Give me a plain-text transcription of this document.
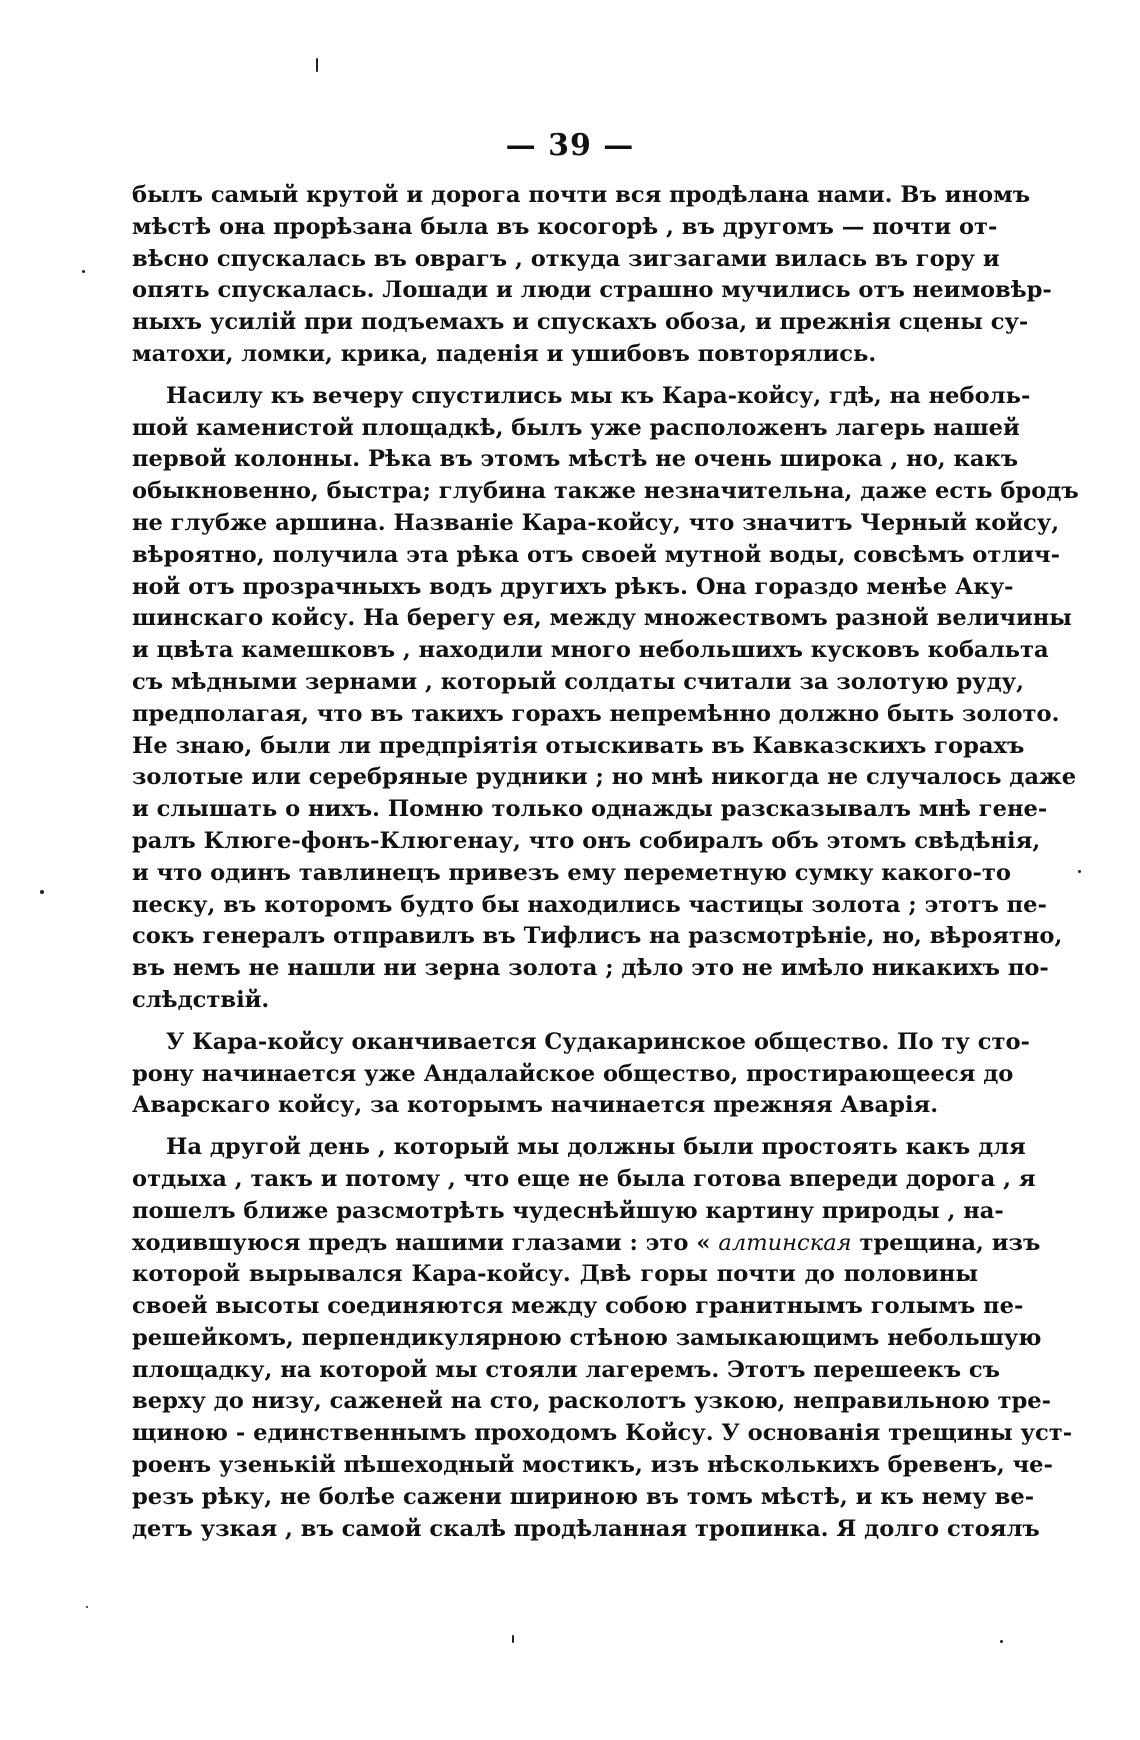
— 39 —
былъ самый крутой и дорога почти вся продѣлана нами. Въ иномъ
мѣстѣ она прорѣзана была въ косогорѣ , въ другомъ — почти от-
вѣсно спускалась въ оврагъ , откуда зигзагами вилась въ гору и
опять спускалась. Лошади и люди страшно мучились отъ неимовѣр-
ныхъ усилій при подъемахъ и спускахъ обоза, и прежнія сцены су-
матохи, ломки, крика, паденія и ушибовъ повторялись.
Насилу къ вечеру спустились мы къ Кара-койсу, гдѣ, на неболь-
шой каменистой площадкѣ, былъ уже расположенъ лагерь нашей
первой колонны. Рѣка въ этомъ мѣстѣ не очень широка , но, какъ
обыкновенно, быстра; глубина также незначительна, даже есть бродъ
не глубже аршина. Названіе Кара-койсу, что значитъ Черный койсу,
вѣроятно, получила эта рѣка отъ своей мутной воды, совсѣмъ отлич-
ной отъ прозрачныхъ водъ другихъ рѣкъ. Она гораздо менѣе Аку-
шинскаго койсу. На берегу ея, между множествомъ разной величины
и цвѣта камешковъ , находили много небольшихъ кусковъ кобальта
съ мѣдными зернами , который солдаты считали за золотую руду,
предполагая, что въ такихъ горахъ непремѣнно должно быть золото.
Не знаю, были ли предпріятія отыскивать въ Кавказскихъ горахъ
золотые или серебряные рудники ; но мнѣ никогда не случалось даже
и слышать о нихъ. Помню только однажды разсказывалъ мнѣ гене-
ралъ Клюге-фонъ-Клюгенау, что онъ собиралъ объ этомъ свѣдѣнія,
и что одинъ тавлинецъ привезъ ему переметную сумку какого-то
песку, въ которомъ будто бы находились частицы золота ; этотъ пе-
сокъ генералъ отправилъ въ Тифлисъ на разсмотрѣніе, но, вѣроятно,
въ немъ не нашли ни зерна золота ; дѣло это не имѣло никакихъ по-
слѣдствій.
У Кара-койсу оканчивается Судакаринское общество. По ту сто-
рону начинается уже Андалайское общество, простирающееся до
Аварскаго койсу, за которымъ начинается прежняя Аварія.
На другой день , который мы должны были простоять какъ для
отдыха , такъ и потому , что еще не была готова впереди дорога , я
пошелъ ближе разсмотрѣть чудеснѣйшую картину природы , на-
ходившуюся предъ нашими глазами : это « алтинская трещина, изъ
которой вырывался Кара-койсу. Двѣ горы почти до половины
своей высоты соединяются между собою гранитнымъ голымъ пе-
решейкомъ, перпендикулярною стѣною замыкающимъ небольшую
площадку, на которой мы стояли лагеремъ. Этотъ перешеекъ съ
верху до низу, саженей на сто, расколотъ узкою, неправильною тре-
щиною - единственнымъ проходомъ Койсу. У основанія трещины уст-
роенъ узенькій пѣшеходный мостикъ, изъ нѣсколькихъ бревенъ, че-
резъ рѣку, не болѣе сажени шириною въ томъ мѣстѣ, и къ нему ве-
детъ узкая , въ самой скалѣ продѣланная тропинка. Я долго стоялъ
